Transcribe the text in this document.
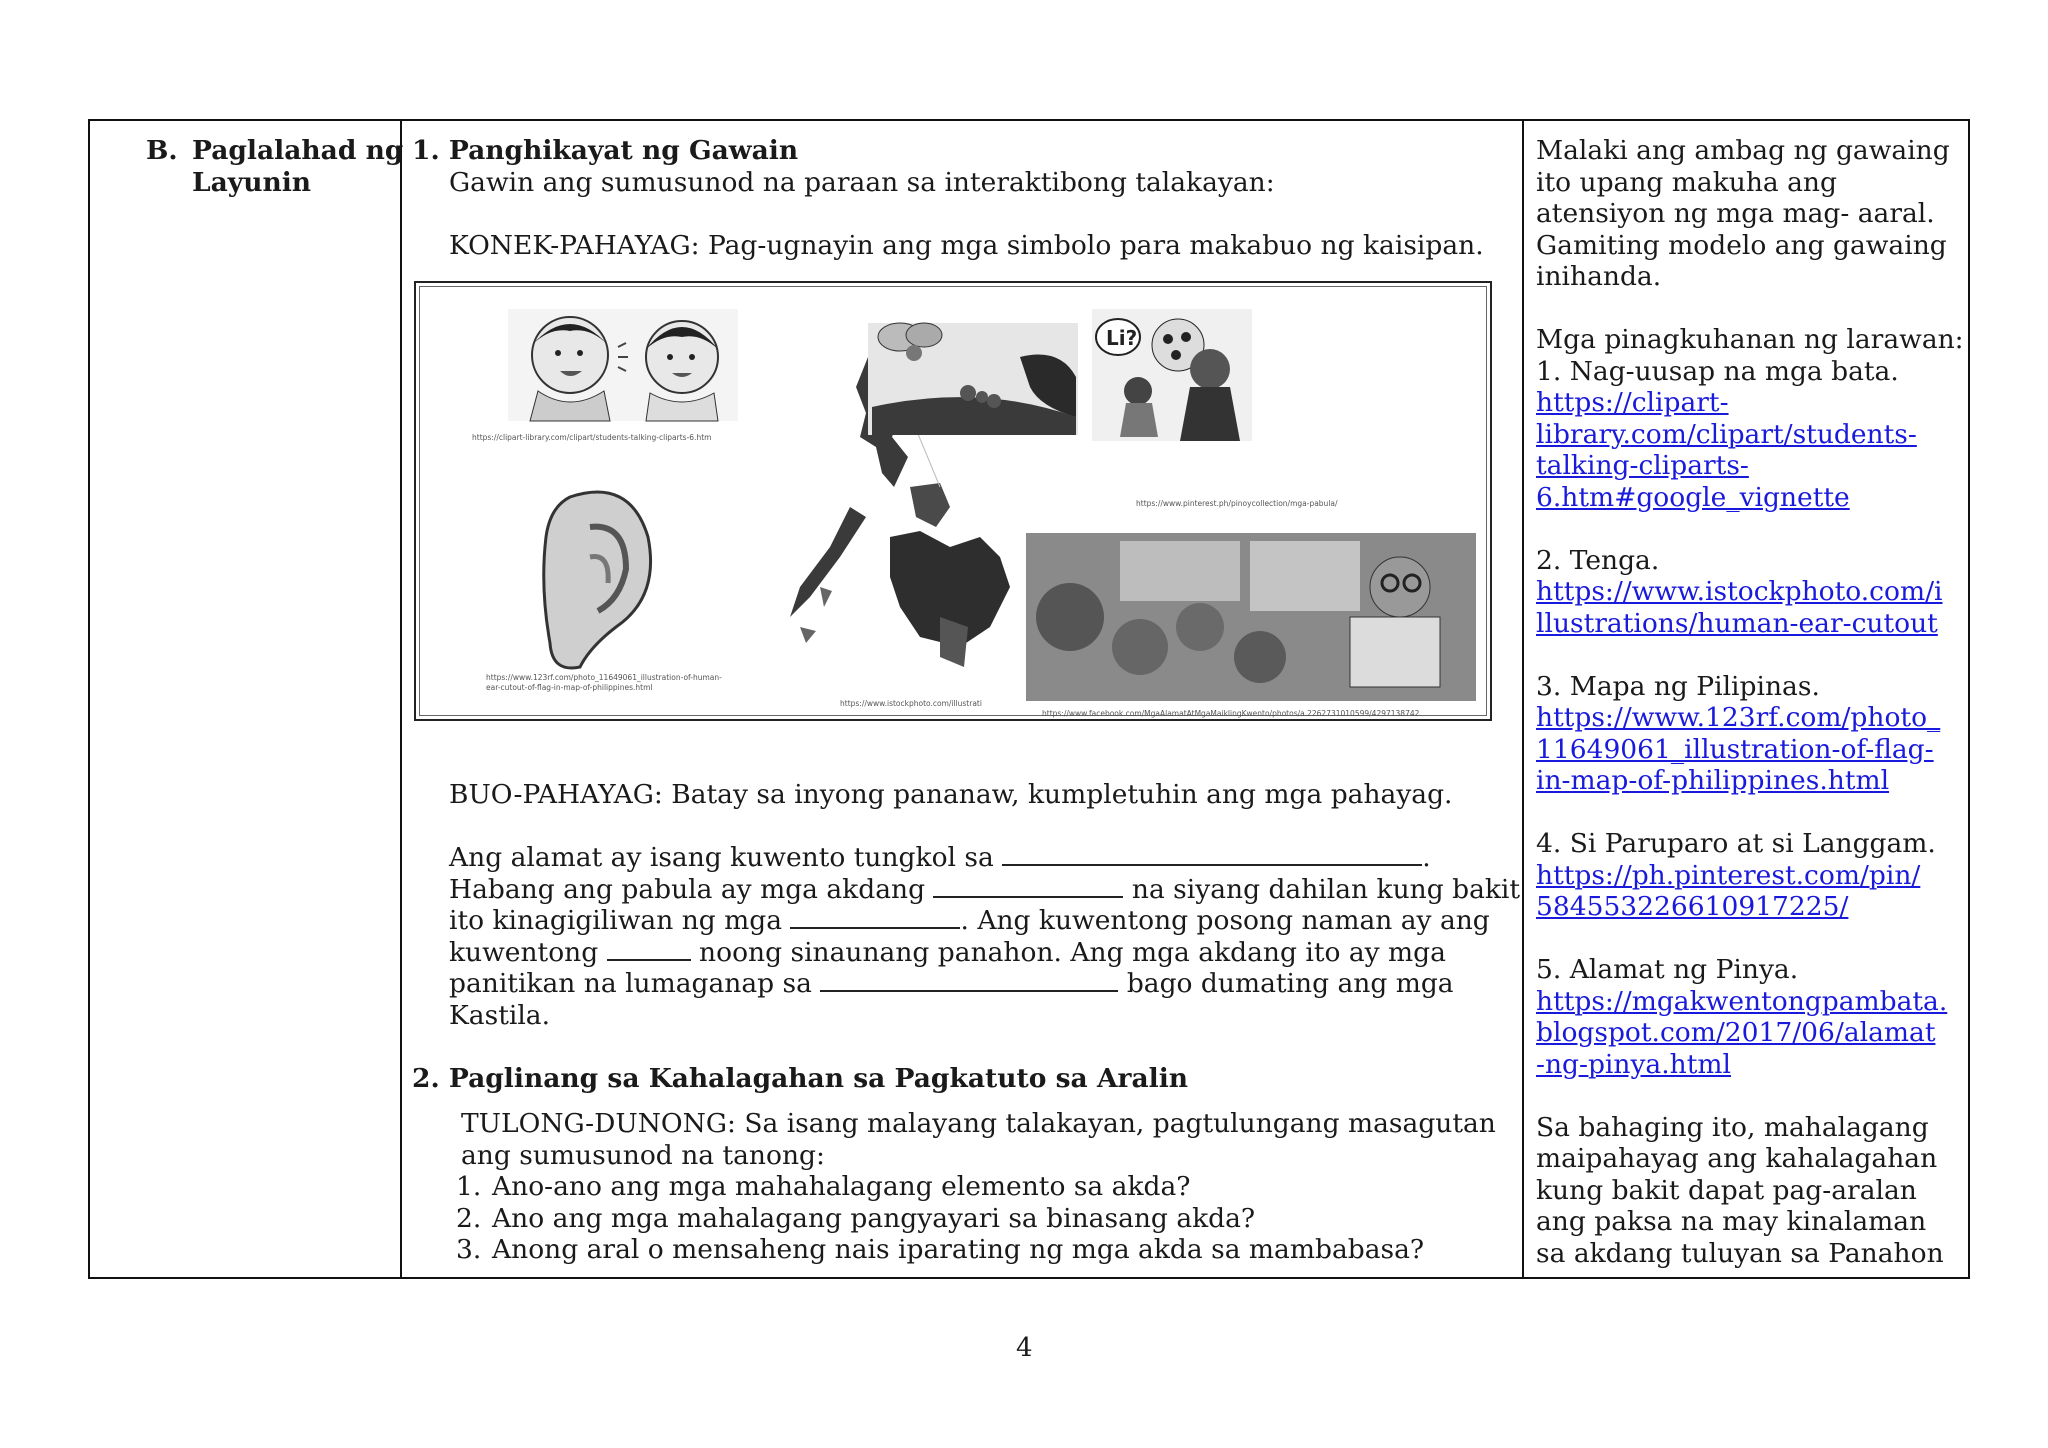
B. Paglalahad ng
Layunin
1. Panghikayat ng Gawain
Gawin ang sumusunod na paraan sa interaktibong talakayan:
KONEK-PAHAYAG: Pag-ugnayin ang mga simbolo para makabuo ng kaisipan.
Li?
https://clipart-library.com/clipart/students-talking-cliparts-6.htm
https://www.pinterest.ph/pinoycollection/mga-pabula/
https://www.123rf.com/photo_11649061_illustration-of-human-ear-cutout-of-flag-in-map-of-philippines.html
https://www.istockphoto.com/illustrati
https://www.facebook.com/MgaAlamatAtMgaMaiklingKwento/photos/a.2262731010599/4297138742
BUO-PAHAYAG: Batay sa inyong pananaw, kumpletuhin ang mga pahayag.
Ang alamat ay isang kuwento tungkol sa	.
Habang ang pabula ay mga akdang	na siyang dahilan kung bakit
ito kinagigiliwan ng mga	. Ang kuwentong posong naman ay ang
kuwentong	noong sinaunang panahon. Ang mga akdang ito ay mga
panitikan na lumaganap sa	bago dumating ang mga
Kastila.
2. Paglinang sa Kahalagahan sa Pagkatuto sa Aralin
TULONG-DUNONG: Sa isang malayang talakayan, pagtulungang masagutan
ang sumusunod na tanong:
1. Ano-ano ang mga mahahalagang elemento sa akda?
2. Ano ang mga mahalagang pangyayari sa binasang akda?
3. Anong aral o mensaheng nais iparating ng mga akda sa mambabasa?
Malaki ang ambag ng gawaing
ito upang makuha ang
atensiyon ng mga mag- aaral.
Gamiting modelo ang gawaing
inihanda.
Mga pinagkuhanan ng larawan:
1. Nag-uusap na mga bata.
https://clipart-
library.com/clipart/students-
talking-cliparts-
6.htm#google_vignette
2. Tenga.
https://www.istockphoto.com/i
llustrations/human-ear-cutout
3. Mapa ng Pilipinas.
https://www.123rf.com/photo_
11649061_illustration-of-flag-
in-map-of-philippines.html
4. Si Paruparo at si Langgam.
https://ph.pinterest.com/pin/
584553226610917225/
5. Alamat ng Pinya.
https://mgakwentongpambata.
blogspot.com/2017/06/alamat
-ng-pinya.html
Sa bahaging ito, mahalagang
maipahayag ang kahalagahan
kung bakit dapat pag-aralan
ang paksa na may kinalaman
sa akdang tuluyan sa Panahon
4
